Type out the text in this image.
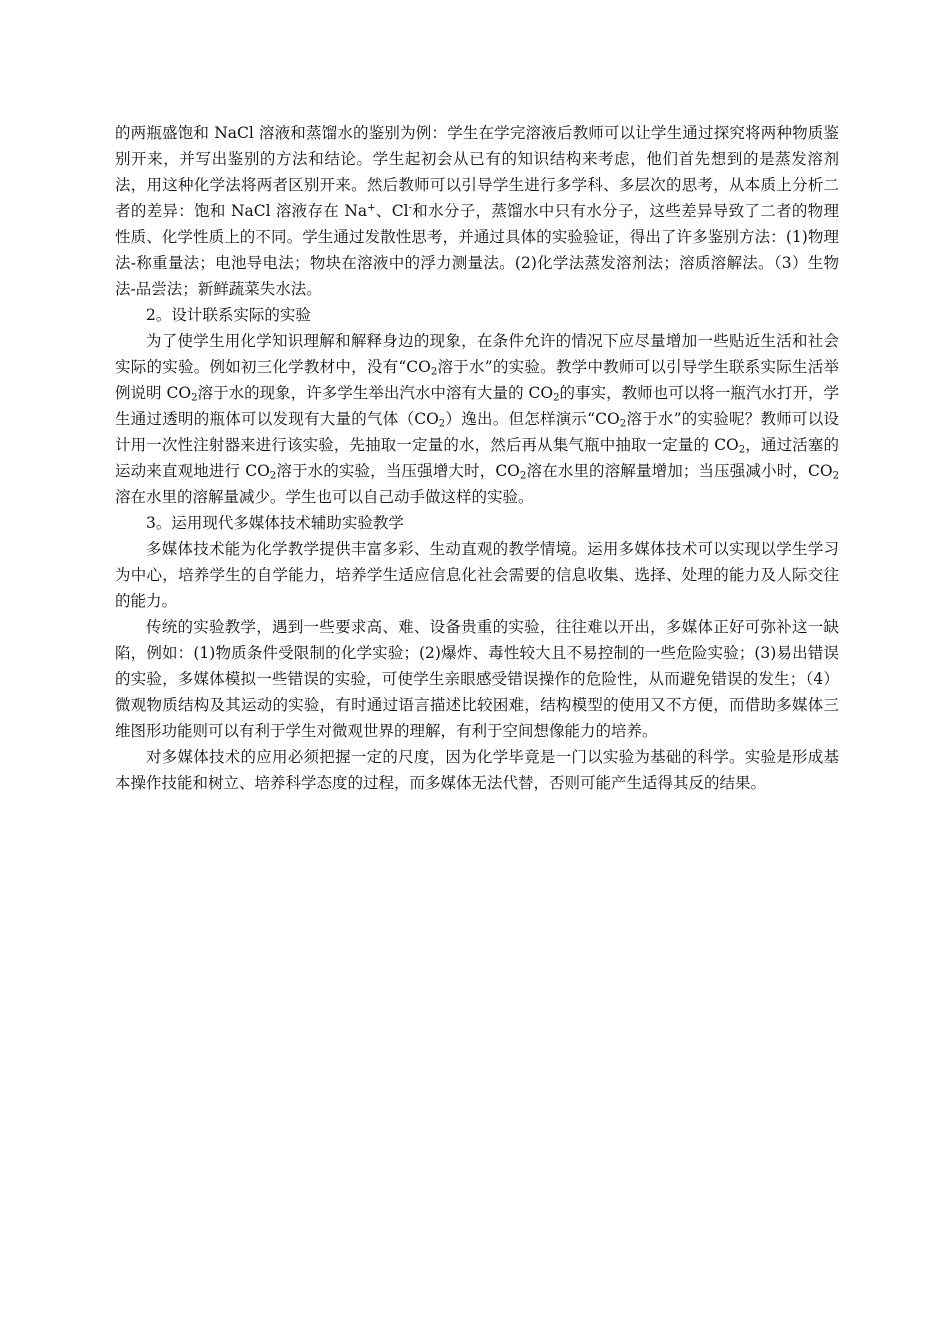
的两瓶盛饱和 NaCl 溶液和蒸馏水的鉴别为例：学生在学完溶液后教师可以让学生通过探究将两种物质鉴别开来，并写出鉴别的方法和结论。学生起初会从已有的知识结构来考虑，他们首先想到的是蒸发溶剂法，用这种化学法将两者区别开来。然后教师可以引导学生进行多学科、多层次的思考，从本质上分析二者的差异：饱和 NaCl 溶液存在 Na+、Cl-和水分子，蒸馏水中只有水分子，这些差异导致了二者的物理性质、化学性质上的不同。学生通过发散性思考，并通过具体的实验验证，得出了许多鉴别方法：(1)物理法-称重量法；电池导电法；物块在溶液中的浮力测量法。(2)化学法蒸发溶剂法；溶质溶解法。（3）生物法-品尝法；新鲜蔬菜失水法。

2。设计联系实际的实验

为了使学生用化学知识理解和解释身边的现象，在条件允许的情况下应尽量增加一些贴近生活和社会实际的实验。例如初三化学教材中，没有“$CO_2$溶于水”的实验。教学中教师可以引导学生联系实际生活举例说明 $CO_2$溶于水的现象，许多学生举出汽水中溶有大量的 $CO_2$的事实，教师也可以将一瓶汽水打开，学生通过透明的瓶体可以发现有大量的气体$(CO_2)$逸出。但怎样演示“$CO_2$溶于水”的实验呢？教师可以设计用一次性注射器来进行该实验，先抽取一定量的水，然后再从集气瓶中抽取一定量的 $CO_2$，通过活塞的运动来直观地进行 $CO_2$溶于水的实验，当压强增大时，$CO_2$溶在水里的溶解量增加；当压强减小时，$CO_2$溶在水里的溶解量减少。学生也可以自己动手做这样的实验。

3。运用现代多媒体技术辅助实验教学

多媒体技术能为化学教学提供丰富多彩、生动直观的教学情境。运用多媒体技术可以实现以学生学习为中心，培养学生的自学能力，培养学生适应信息化社会需要的信息收集、选择、处理的能力及人际交往的能力。

传统的实验教学，遇到一些要求高、难、设备贵重的实验，往往难以开出，多媒体正好可弥补这一缺陷，例如：(1)物质条件受限制的化学实验；(2)爆炸、毒性较大且不易控制的一些危险实验；(3)易出错误的实验，多媒体模拟一些错误的实验，可使学生亲眼感受错误操作的危险性，从而避免错误的发生；（4）微观物质结构及其运动的实验，有时通过语言描述比较困难，结构模型的使用又不方便，而借助多媒体三维图形功能则可以有利于学生对微观世界的理解，有利于空间想像能力的培养。

对多媒体技术的应用必须把握一定的尺度，因为化学毕竟是一门以实验为基础的科学。实验是形成基本操作技能和树立、培养科学态度的过程，而多媒体无法代替，否则可能产生适得其反的结果。
